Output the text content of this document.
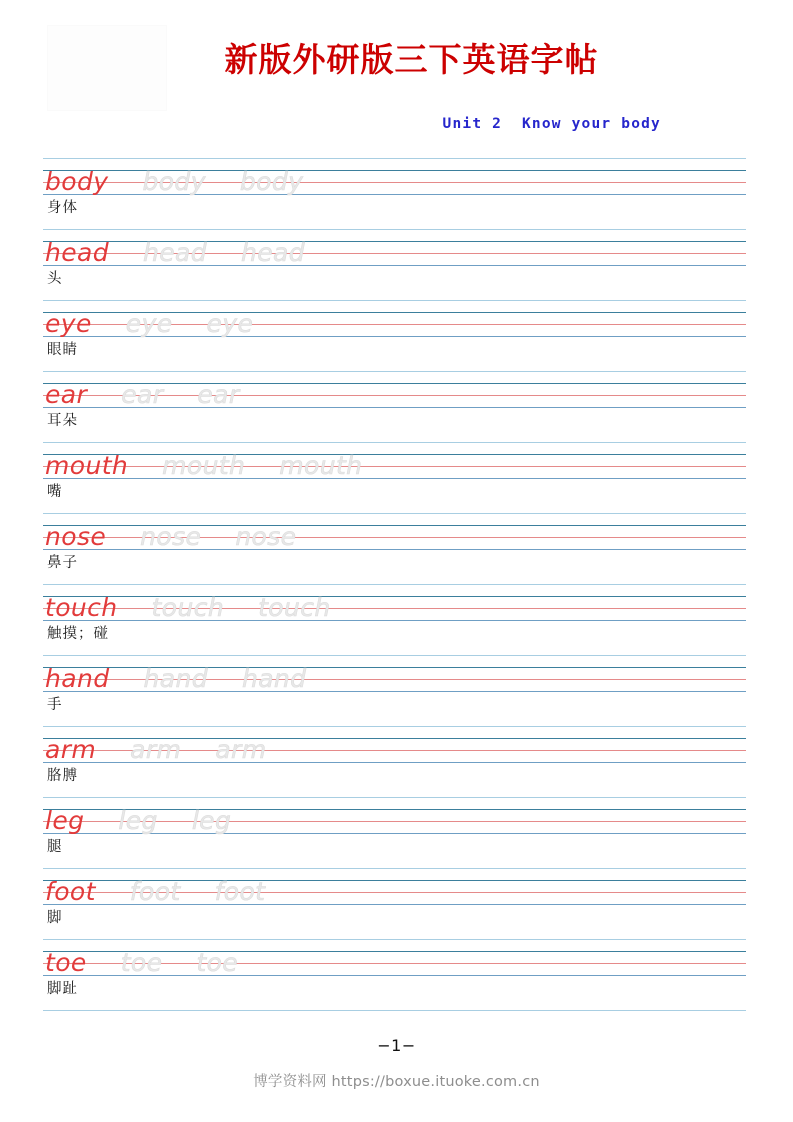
新版外研版三下英语字帖
Unit 2  Know your body
body body body
身体
head head head
头
eye eye eye
眼睛
ear ear ear
耳朵
mouth mouth mouth
嘴
nose nose nose
鼻子
touch touch touch
触摸；碰
hand hand hand
手
arm arm arm
胳膊
leg leg leg
腿
foot foot foot
脚
toe toe toe
脚趾
−1−
博学资料网 https://boxue.ituoke.com.cn
